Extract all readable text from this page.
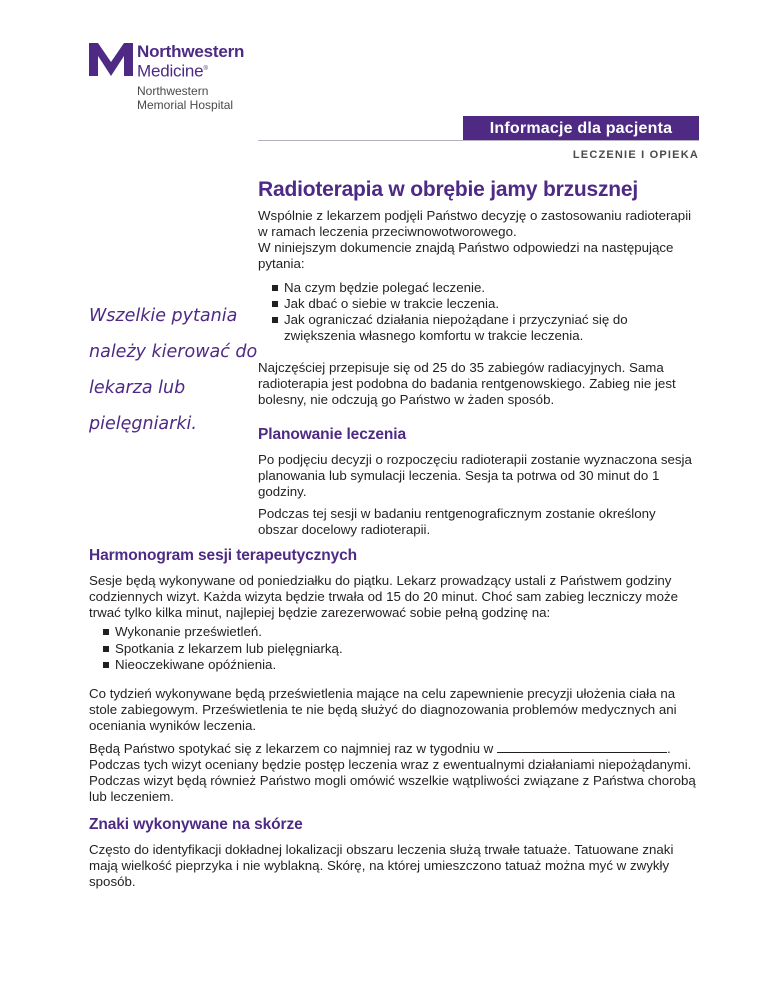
Northwestern
Medicine®
Northwestern
Memorial Hospital
Informacje dla pacjenta
LECZENIE I OPIEKA
Radioterapia w obrębie jamy brzusznej

Wszelkie pytania należy kierować do lekarza lub pielęgniarki.

Wspólnie z lekarzem podjęli Państwo decyzję o zastosowaniu radioterapii w ramach leczenia przeciwnowotworowego.

W niniejszym dokumencie znajdą Państwo odpowiedzi na następujące pytania:

Na czym będzie polegać leczenie.
Jak dbać o siebie w trakcie leczenia.
Jak ograniczać działania niepożądane i przyczyniać się do zwiększenia własnego komfortu w trakcie leczenia.

Najczęściej przepisuje się od 25 do 35 zabiegów radiacyjnych. Sama radioterapia jest podobna do badania rentgenowskiego. Zabieg nie jest bolesny, nie odczują go Państwo w żaden sposób.

Planowanie leczenia

Po podjęciu decyzji o rozpoczęciu radioterapii zostanie wyznaczona sesja planowania lub symulacji leczenia. Sesja ta potrwa od 30 minut do 1 godziny.

Podczas tej sesji w badaniu rentgenograficznym zostanie określony obszar docelowy radioterapii.

Harmonogram sesji terapeutycznych

Sesje będą wykonywane od poniedziałku do piątku. Lekarz prowadzący ustali z Państwem godziny codziennych wizyt. Każda wizyta będzie trwała od 15 do 20 minut. Choć sam zabieg leczniczy może trwać tylko kilka minut, najlepiej będzie zarezerwować sobie pełną godzinę na:

Wykonanie prześwietleń.
Spotkania z lekarzem lub pielęgniarką.
Nieoczekiwane opóźnienia.

Co tydzień wykonywane będą prześwietlenia mające na celu zapewnienie precyzji ułożenia ciała na stole zabiegowym. Prześwietlenia te nie będą służyć do diagnozowania problemów medycznych ani oceniania wyników leczenia.

Będą Państwo spotykać się z lekarzem co najmniej raz w tygodniu w	. Podczas tych wizyt oceniany będzie postęp leczenia wraz z ewentualnymi działaniami niepożądanymi. Podczas wizyt będą również Państwo mogli omówić wszelkie wątpliwości związane z Państwa chorobą lub leczeniem.

Znaki wykonywane na skórze

Często do identyfikacji dokładnej lokalizacji obszaru leczenia służą trwałe tatuaże. Tatuowane znaki mają wielkość pieprzyka i nie wyblakną. Skórę, na której umieszczono tatuaż można myć w zwykły sposób.
